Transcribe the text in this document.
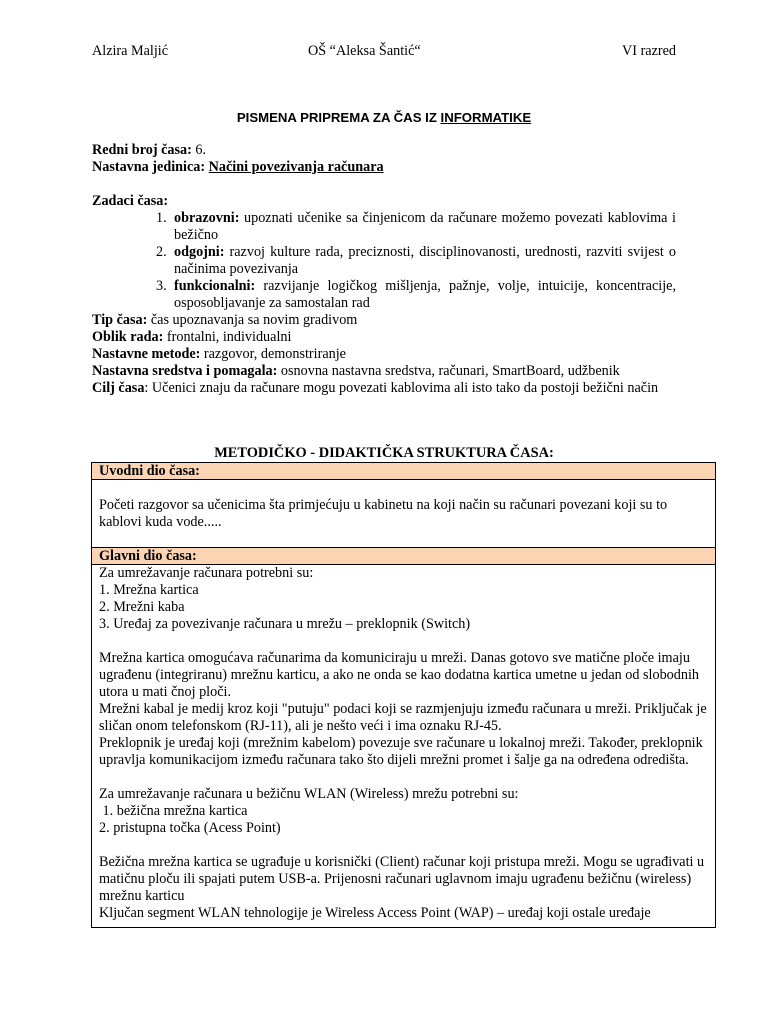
Alzira Maljić	OŠ “Aleksa Šantić“	VI razred
PISMENA PRIPREMA ZA ČAS IZ INFORMATIKE
Redni broj časa: 6.
Nastavna jedinica: Načini povezivanja računara
Zadaci časa:
1. obrazovni: upoznati učenike sa činjenicom da računare možemo povezati kablovima i bežično
2. odgojni: razvoj kulture rada, preciznosti, disciplinovanosti, urednosti, razviti svijest o načinima povezivanja
3. funkcionalni: razvijanje logičkog mišljenja, pažnje, volje, intuicije, koncentracije, osposobljavanje za samostalan rad
Tip časa: čas upoznavanja sa novim gradivom
Oblik rada: frontalni, individualni
Nastavne metode: razgovor, demonstriranje
Nastavna sredstva i pomagala: osnovna nastavna sredstva, računari, SmartBoard, udžbenik
Cilj časa: Učenici znaju da računare mogu povezati kablovima ali isto tako da postoji bežični način
METODIČKO - DIDAKTIČKA STRUKTURA ČASA:
Uvodni dio časa:

Početi razgovor sa učenicima šta primjećuju u kabinetu na koji način su računari povezani koji su to kablovi kuda vode.....

Glavni dio časa:

Za umrežavanje računara potrebni su:

1. Mrežna kartica

2. Mrežni kaba

3. Uređaj za povezivanje računara u mrežu – preklopnik (Switch)

Mrežna kartica omogućava računarima da komuniciraju u mreži. Danas gotovo sve matične ploče imaju ugrađenu (integriranu) mrežnu karticu, a ako ne onda se kao dodatna kartica umetne u jedan od slobodnih utora u mati čnoj ploči.

Mrežni kabal je medij kroz koji "putuju" podaci koji se razmjenjuju između računara u mreži. Priključak je sličan onom telefonskom (RJ-11), ali je nešto veći i ima oznaku RJ-45.

Preklopnik je uređaj koji (mrežnim kabelom) povezuje sve računare u lokalnoj mreži. Također, preklopnik upravlja komunikacijom između računara tako što dijeli mrežni promet i šalje ga na određena odredišta.

Za umrežavanje računara u bežičnu WLAN (Wireless) mrežu potrebni su:

1. bežična mrežna kartica

2. pristupna točka (Acess Point)

Bežična mrežna kartica se ugrađuje u korisnički (Client) računar koji pristupa mreži. Mogu se ugrađivati u matičnu ploču ili spajati putem USB-a. Prijenosni računari uglavnom imaju ugrađenu bežičnu (wireless) mrežnu karticu

Ključan segment WLAN tehnologije je Wireless Access Point (WAP) – uređaj koji ostale uređaje
